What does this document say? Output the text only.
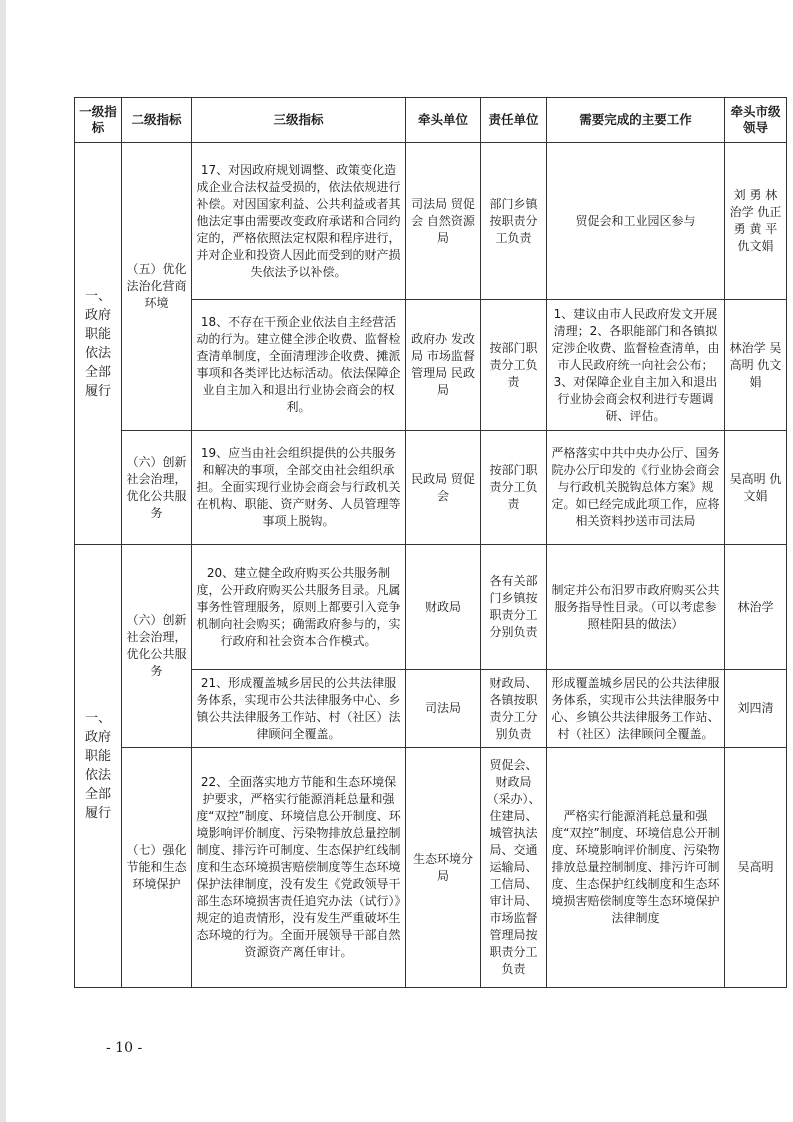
一级指标	二级指标	三级指标	牵头单位	责任单位	需要完成的主要工作	牵头市级领导
一、政府职能依法全部履行	（五）优化法治化营商环境	17、对因政府规划调整、政策变化造成企业合法权益受损的，依法依规进行补偿。对因国家利益、公共利益或者其他法定事由需要改变政府承诺和合同约定的，严格依照法定权限和程序进行，并对企业和投资人因此而受到的财产损失依法予以补偿。	司法局 贸促会 自然资源局	部门乡镇按职责分工负责	贸促会和工业园区参与	刘 勇 林治学 仇正勇 黄 平 仇文娟
		18、不存在干预企业依法自主经营活动的行为。建立健全涉企收费、监督检查清单制度，全面清理涉企收费、摊派事项和各类评比达标活动。依法保障企业自主加入和退出行业协会商会的权利。	政府办 发改局 市场监督管理局 民政局	按部门职责分工负责	1、建议由市人民政府发文开展清理；2、各职能部门和各镇拟定涉企收费、监督检查清单，由市人民政府统一向社会公布；3、对保障企业自主加入和退出行业协会商会权利进行专题调研、评估。	林治学 吴高明 仇文娟
	（六）创新社会治理，优化公共服务	19、应当由社会组织提供的公共服务和解决的事项，全部交由社会组织承担。全面实现行业协会商会与行政机关在机构、职能、资产财务、人员管理等事项上脱钩。	民政局 贸促会	按部门职责分工负责	严格落实中共中央办公厅、国务院办公厅印发的《行业协会商会与行政机关脱钩总体方案》规定。如已经完成此项工作，应将相关资料抄送市司法局	吴高明 仇文娟
一、政府职能依法全部履行	（六）创新社会治理，优化公共服务	20、建立健全政府购买公共服务制度，公开政府购买公共服务目录。凡属事务性管理服务，原则上都要引入竞争机制向社会购买；确需政府参与的，实行政府和社会资本合作模式。	财政局	各有关部门乡镇按职责分工分别负责	制定并公布汨罗市政府购买公共服务指导性目录。（可以考虑参照桂阳县的做法）	林治学
		21、形成覆盖城乡居民的公共法律服务体系，实现市公共法律服务中心、乡镇公共法律服务工作站、村（社区）法律顾问全覆盖。	司法局	财政局、各镇按职责分工分别负责	形成覆盖城乡居民的公共法律服务体系，实现市公共法律服务中心、乡镇公共法律服务工作站、村（社区）法律顾问全覆盖。	刘四清
	（七）强化节能和生态环境保护	22、全面落实地方节能和生态环境保护要求，严格实行能源消耗总量和强度“双控”制度、环境信息公开制度、环境影响评价制度、污染物排放总量控制制度、排污许可制度、生态保护红线制度和生态环境损害赔偿制度等生态环境保护法律制度，没有发生《党政领导干部生态环境损害责任追究办法（试行）》规定的追责情形，没有发生严重破坏生态环境的行为。全面开展领导干部自然资源资产离任审计。	生态环境分局	贸促会、财政局（采办）、住建局、城管执法局、交通运输局、工信局、审计局、市场监督管理局按职责分工负责	严格实行能源消耗总量和强度“双控”制度、环境信息公开制度、环境影响评价制度、污染物排放总量控制制度、排污许可制度、生态保护红线制度和生态环境损害赔偿制度等生态环境保护法律制度	吴高明
- 10 -
